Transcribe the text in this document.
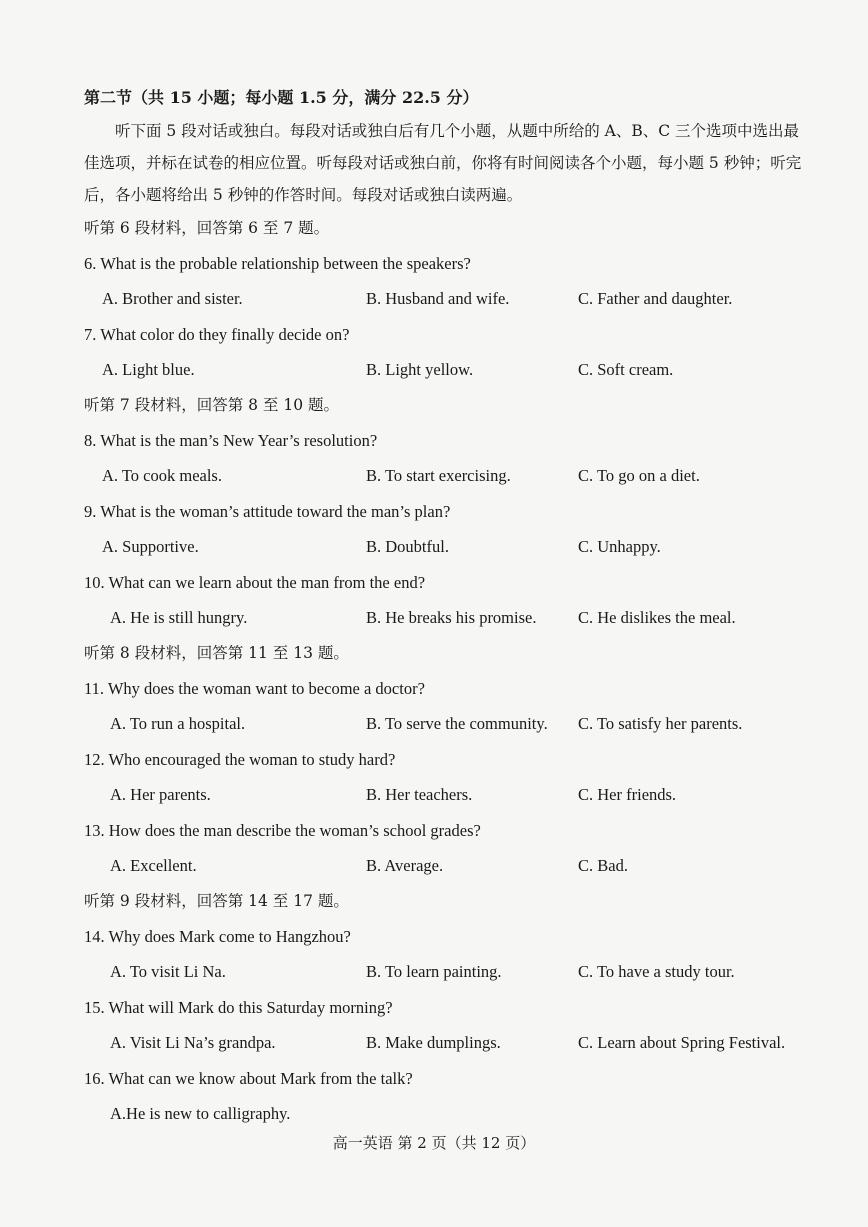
第二节（共 15 小题；每小题 1.5 分，满分 22.5 分）

听下面 5 段对话或独白。每段对话或独白后有几个小题，从题中所给的 A、B、C 三个选项中选出最佳选项，并标在试卷的相应位置。听每段对话或独白前，你将有时间阅读各个小题，每小题 5 秒钟；听完后，各小题将给出 5 秒钟的作答时间。每段对话或独白读两遍。

听第 6 段材料，回答第 6 至 7 题。
6. What is the probable relationship between the speakers?
A. Brother and sister.	B. Husband and wife.	C. Father and daughter.
7. What color do they finally decide on?
A. Light blue.	B. Light yellow.	C. Soft cream.
听第 7 段材料，回答第 8 至 10 题。
8. What is the man’s New Year’s resolution?
A. To cook meals.	B. To start exercising.	C. To go on a diet.
9. What is the woman’s attitude toward the man’s plan?
A. Supportive.	B. Doubtful.	C. Unhappy.
10. What can we learn about the man from the end?
A. He is still hungry.	B. He breaks his promise.	C. He dislikes the meal.
听第 8 段材料，回答第 11 至 13 题。
11. Why does the woman want to become a doctor?
A. To run a hospital.	B. To serve the community. C. To satisfy her parents.
12. Who encouraged the woman to study hard?
A. Her parents.	B. Her teachers.	C. Her friends.
13. How does the man describe the woman’s school grades?
A. Excellent.	B. Average.	C. Bad.
听第 9 段材料，回答第 14 至 17 题。
14. Why does Mark come to Hangzhou?
A. To visit Li Na.	B. To learn painting.	C. To have a study tour.
15. What will Mark do this Saturday morning?
A. Visit Li Na’s grandpa.	B. Make dumplings.	C. Learn about Spring Festival.
16. What can we know about Mark from the talk?
A.He is new to calligraphy.
高一英语 第 2 页（共 12 页）
